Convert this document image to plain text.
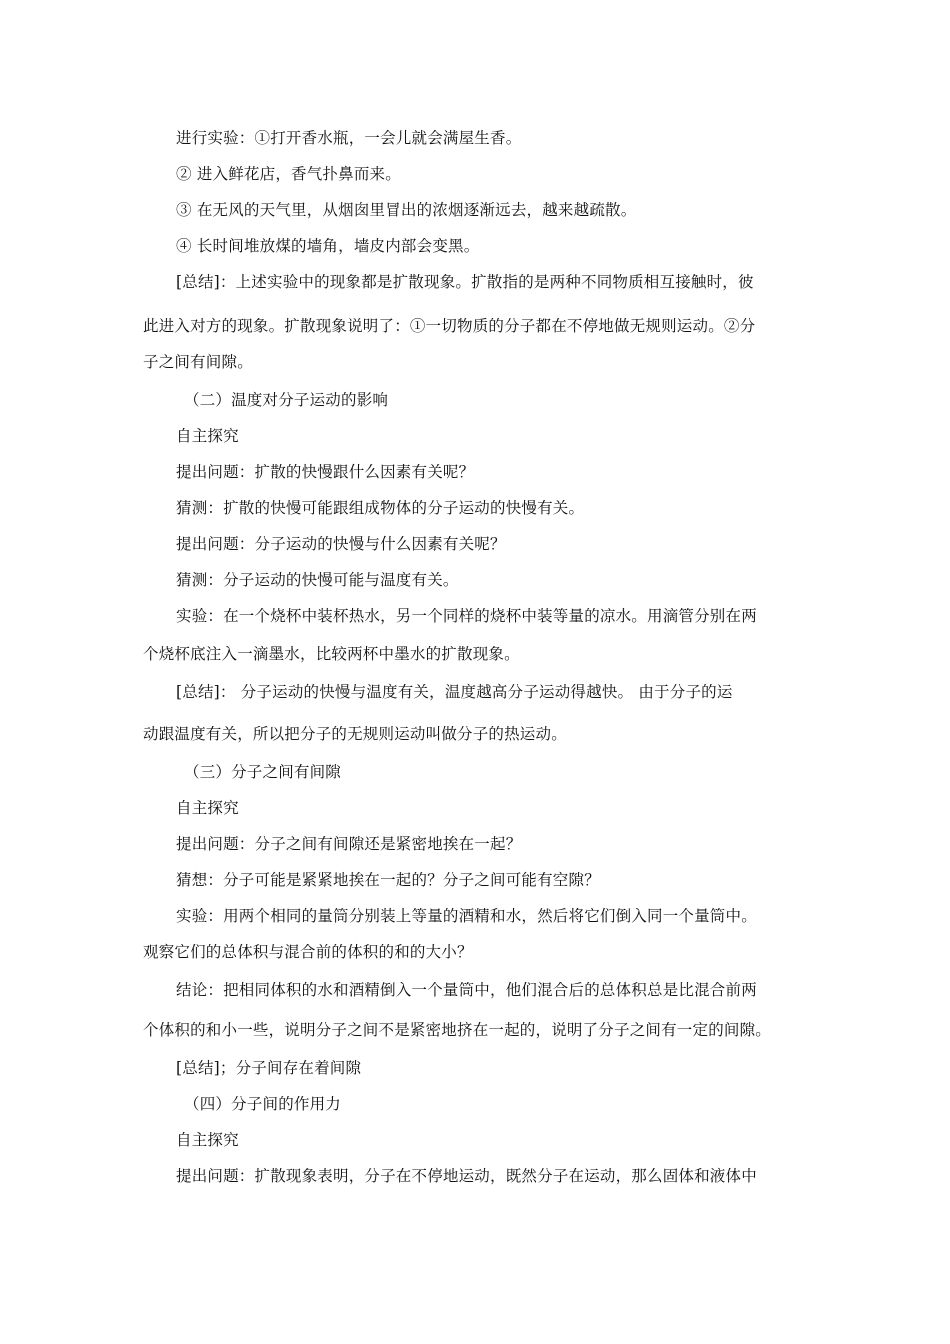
进行实验：①打开香水瓶，一会儿就会满屋生香。
② 进入鲜花店，香气扑鼻而来。
③ 在无风的天气里，从烟囱里冒出的浓烟逐渐远去，越来越疏散。
④ 长时间堆放煤的墙角，墙皮内部会变黑。
[总结]：上述实验中的现象都是扩散现象。扩散指的是两种不同物质相互接触时，彼
此进入对方的现象。扩散现象说明了：①一切物质的分子都在不停地做无规则运动。②分
子之间有间隙。
（二）温度对分子运动的影响
自主探究
提出问题：扩散的快慢跟什么因素有关呢？
猜测：扩散的快慢可能跟组成物体的分子运动的快慢有关。
提出问题：分子运动的快慢与什么因素有关呢？
猜测：分子运动的快慢可能与温度有关。
实验：在一个烧杯中装杯热水，另一个同样的烧杯中装等量的凉水。用滴管分别在两
个烧杯底注入一滴墨水，比较两杯中墨水的扩散现象。
[总结]： 分子运动的快慢与温度有关，温度越高分子运动得越快。 由于分子的运
动跟温度有关，所以把分子的无规则运动叫做分子的热运动。
（三）分子之间有间隙
自主探究
提出问题：分子之间有间隙还是紧密地挨在一起？
猜想：分子可能是紧紧地挨在一起的？分子之间可能有空隙？
实验：用两个相同的量筒分别装上等量的酒精和水，然后将它们倒入同一个量筒中。
观察它们的总体积与混合前的体积的和的大小？
结论：把相同体积的水和酒精倒入一个量筒中，他们混合后的总体积总是比混合前两
个体积的和小一些，说明分子之间不是紧密地挤在一起的，说明了分子之间有一定的间隙。
[总结]；分子间存在着间隙
（四）分子间的作用力
自主探究
提出问题：扩散现象表明，分子在不停地运动，既然分子在运动，那么固体和液体中
